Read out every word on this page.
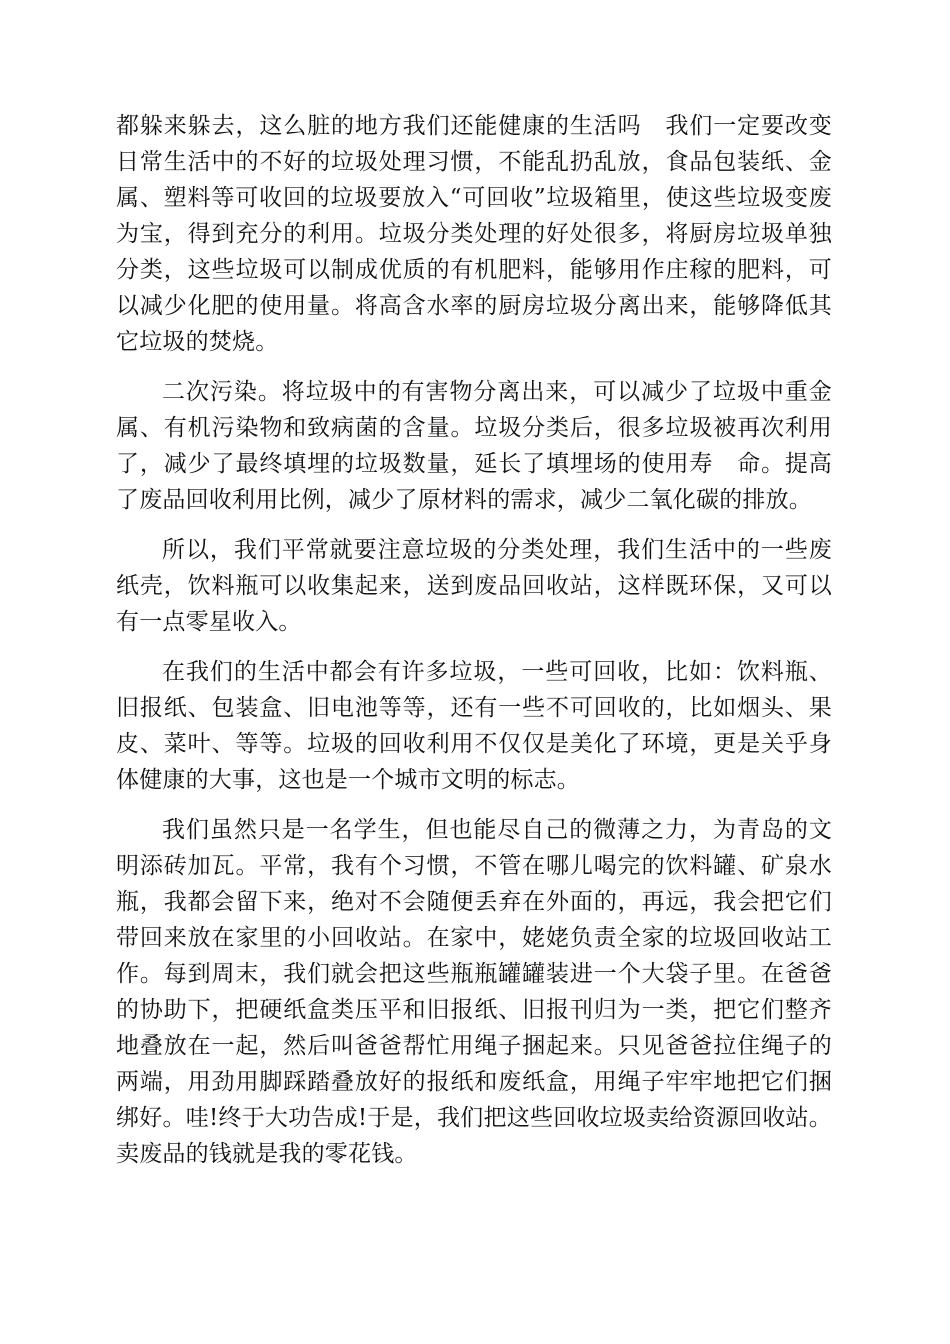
都躲来躲去，这么脏的地方我们还能健康的生活吗　我们一定要改变日常生活中的不好的垃圾处理习惯，不能乱扔乱放，食品包装纸、金属、塑料等可收回的垃圾要放入“可回收”垃圾箱里，使这些垃圾变废为宝，得到充分的利用。垃圾分类处理的好处很多，将厨房垃圾单独分类，这些垃圾可以制成优质的有机肥料，能够用作庄稼的肥料，可以减少化肥的使用量。将高含水率的厨房垃圾分离出来，能够降低其它垃圾的焚烧。

二次污染。将垃圾中的有害物分离出来，可以减少了垃圾中重金属、有机污染物和致病菌的含量。垃圾分类后，很多垃圾被再次利用了，减少了最终填埋的垃圾数量，延长了填埋场的使用寿　命。提高了废品回收利用比例，减少了原材料的需求，减少二氧化碳的排放。

所以，我们平常就要注意垃圾的分类处理，我们生活中的一些废纸壳，饮料瓶可以收集起来，送到废品回收站，这样既环保，又可以有一点零星收入。

在我们的生活中都会有许多垃圾，一些可回收，比如：饮料瓶、旧报纸、包装盒、旧电池等等，还有一些不可回收的，比如烟头、果皮、菜叶、等等。垃圾的回收利用不仅仅是美化了环境，更是关乎身体健康的大事，这也是一个城市文明的标志。

我们虽然只是一名学生，但也能尽自己的微薄之力，为青岛的文明添砖加瓦。平常，我有个习惯，不管在哪儿喝完的饮料罐、矿泉水瓶，我都会留下来，绝对不会随便丢弃在外面的，再远，我会把它们带回来放在家里的小回收站。在家中，姥姥负责全家的垃圾回收站工作。每到周末，我们就会把这些瓶瓶罐罐装进一个大袋子里。在爸爸的协助下，把硬纸盒类压平和旧报纸、旧报刊归为一类，把它们整齐地叠放在一起，然后叫爸爸帮忙用绳子捆起来。只见爸爸拉住绳子的两端，用劲用脚踩踏叠放好的报纸和废纸盒，用绳子牢牢地把它们捆绑好。哇!终于大功告成!于是，我们把这些回收垃圾卖给资源回收站。卖废品的钱就是我的零花钱。
